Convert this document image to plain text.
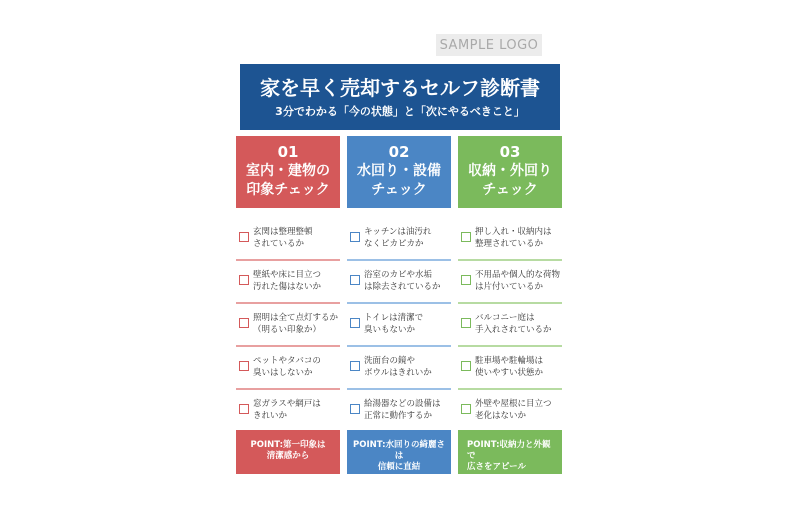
SAMPLE LOGO
家を早く売却するセルフ診断書
3分でわかる「今の状態」と「次にやるべきこと」
01
室内・建物の
印象チェック
玄関は整理整頓
されているか
壁紙や床に目立つ
汚れた傷はないか
照明は全て点灯するか（明るい印象か）
ペットやタバコの
臭いはしないか
窓ガラスや網戸は
きれいか
POINT:第一印象は
清潔感から
02
水回り・設備
チェック
キッチンは油汚れ
なくピカピカか
浴室のカビや水垢
は除去されているか
トイレは清潔で
臭いもないか
洗面台の鏡や
ボウルはきれいか
給湯器などの設備は
正常に動作するか
POINT:水回りの綺麗さは
信頼に直結
03
収納・外回り
チェック
押し入れ・収納内は
整理されているか
不用品や個人的な荷物
は片付いているか
バルコニー庭は
手入れされているか
駐車場や駐輪場は
使いやすい状態か
外壁や屋根に目立つ
老化はないか
POINT:収納力と外観で
広さをアピール
